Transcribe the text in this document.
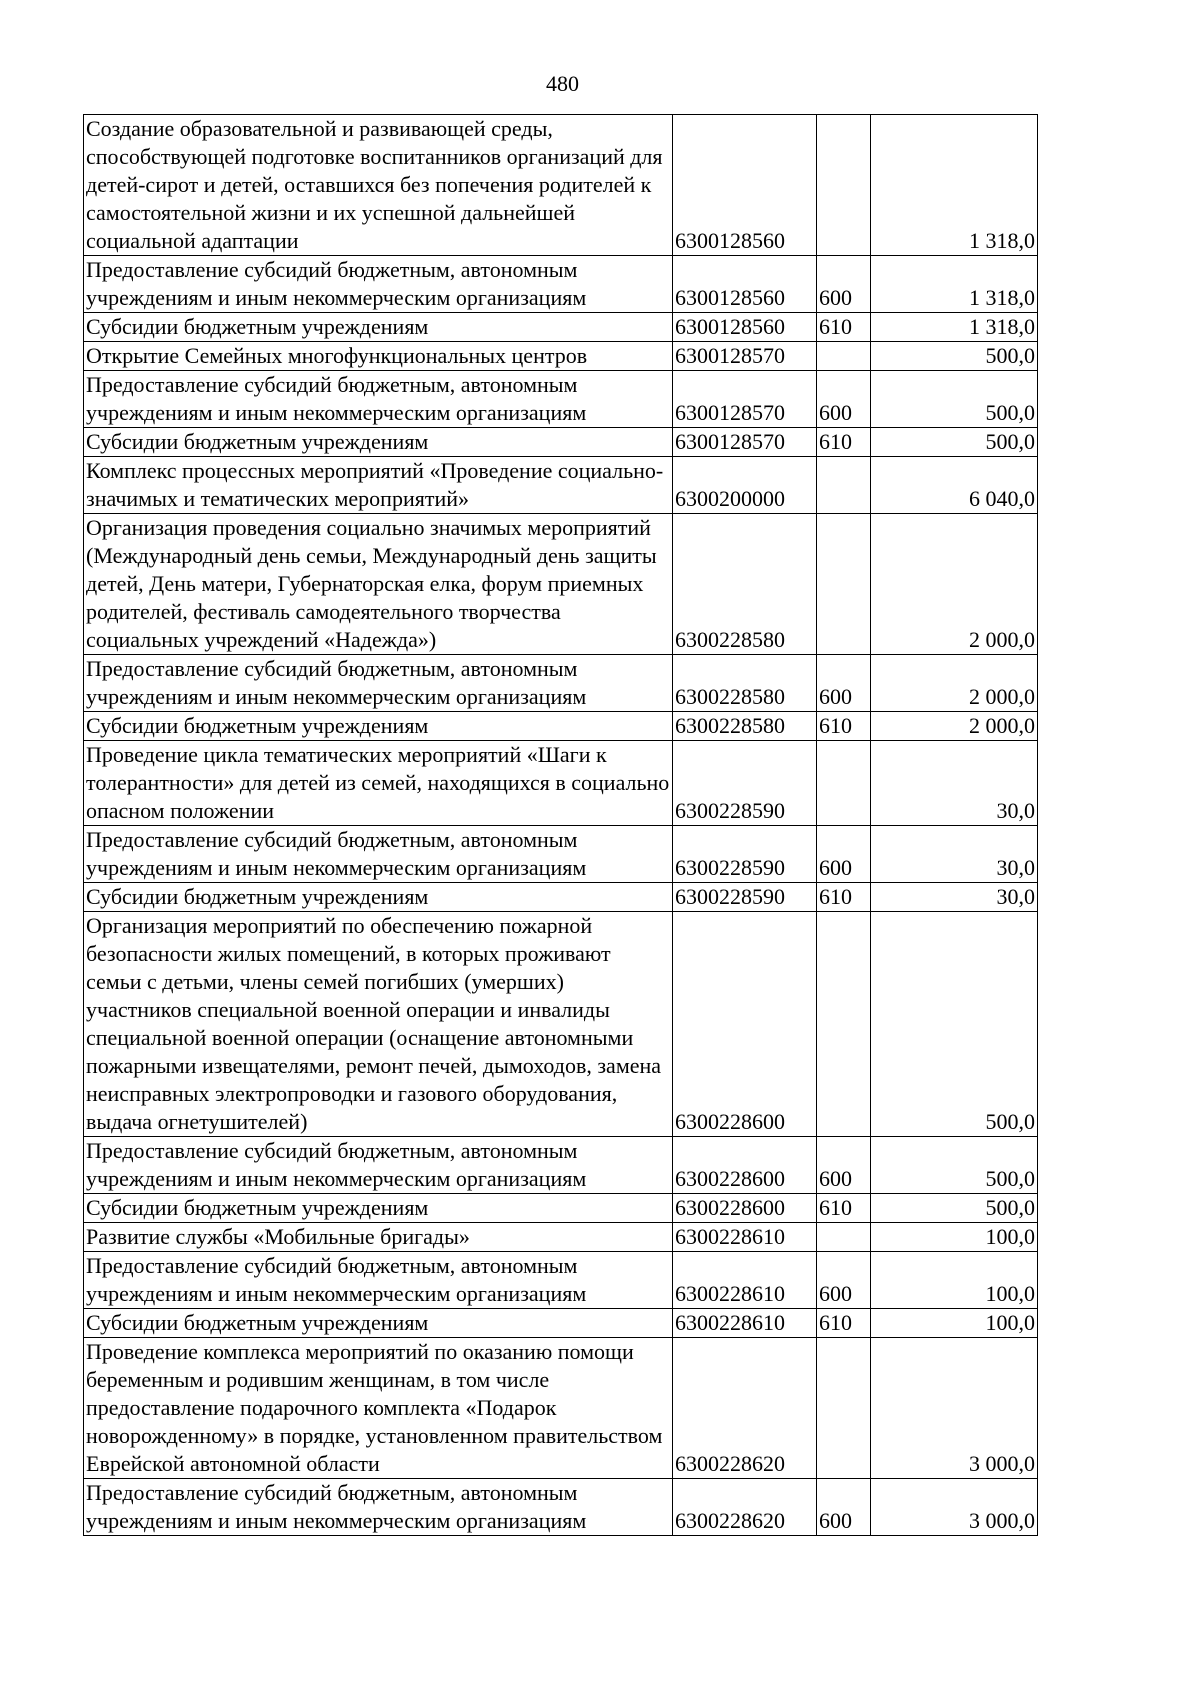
480
Создание образовательной и развивающей среды, способствующей подготовке воспитанников организаций для детей-сирот и детей, оставшихся без попечения родителей к самостоятельной жизни и их успешной дальнейшей социальной адаптации	6300128560		1 318,0
Предоставление субсидий бюджетным, автономным учреждениям и иным некоммерческим организациям	6300128560	600	1 318,0
Субсидии бюджетным учреждениям	6300128560	610	1 318,0
Открытие Семейных многофункциональных центров	6300128570		500,0
Предоставление субсидий бюджетным, автономным учреждениям и иным некоммерческим организациям	6300128570	600	500,0
Субсидии бюджетным учреждениям	6300128570	610	500,0
Комплекс процессных мероприятий «Проведение социально-значимых и тематических мероприятий»	6300200000		6 040,0
Организация проведения социально значимых мероприятий (Международный день семьи, Международный день защиты детей, День матери, Губернаторская елка, форум приемных родителей, фестиваль самодеятельного творчества социальных учреждений «Надежда»)	6300228580		2 000,0
Предоставление субсидий бюджетным, автономным учреждениям и иным некоммерческим организациям	6300228580	600	2 000,0
Субсидии бюджетным учреждениям	6300228580	610	2 000,0
Проведение цикла тематических мероприятий «Шаги к толерантности» для детей из семей, находящихся в социально опасном положении	6300228590		30,0
Предоставление субсидий бюджетным, автономным учреждениям и иным некоммерческим организациям	6300228590	600	30,0
Субсидии бюджетным учреждениям	6300228590	610	30,0
Организация мероприятий по обеспечению пожарной безопасности жилых помещений, в которых проживают семьи с детьми, члены семей погибших (умерших) участников специальной военной операции и инвалиды специальной военной операции (оснащение автономными пожарными извещателями, ремонт печей, дымоходов, замена неисправных электропроводки и газового оборудования, выдача огнетушителей)	6300228600		500,0
Предоставление субсидий бюджетным, автономным учреждениям и иным некоммерческим организациям	6300228600	600	500,0
Субсидии бюджетным учреждениям	6300228600	610	500,0
Развитие службы «Мобильные бригады»	6300228610		100,0
Предоставление субсидий бюджетным, автономным учреждениям и иным некоммерческим организациям	6300228610	600	100,0
Субсидии бюджетным учреждениям	6300228610	610	100,0
Проведение комплекса мероприятий по оказанию помощи беременным и родившим женщинам, в том числе предоставление подарочного комплекта «Подарок новорожденному» в порядке, установленном правительством Еврейской автономной области	6300228620		3 000,0
Предоставление субсидий бюджетным, автономным учреждениям и иным некоммерческим организациям	6300228620	600	3 000,0
